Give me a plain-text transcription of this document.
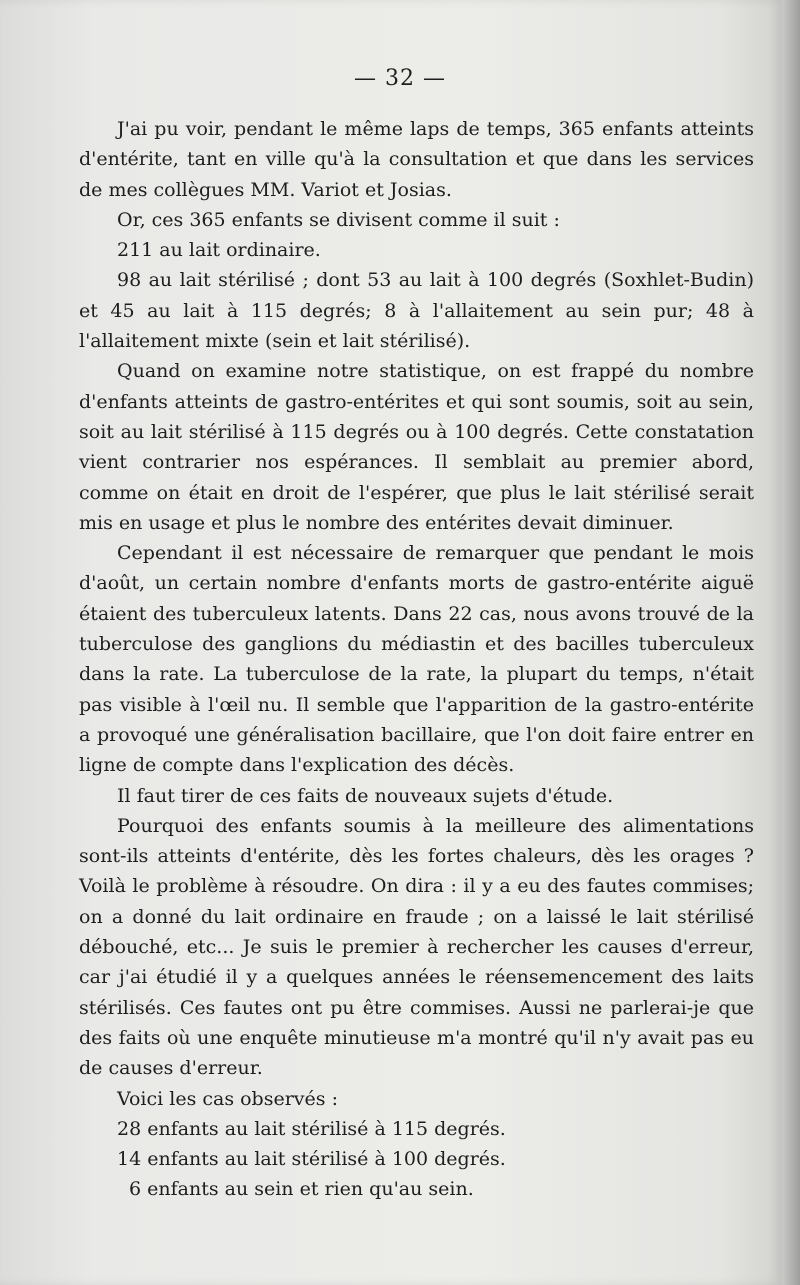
— 32 —

J'ai pu voir, pendant le même laps de temps, 365 enfants atteints d'entérite, tant en ville qu'à la consultation et que dans les services de mes collègues MM. Variot et Josias.

Or, ces 365 enfants se divisent comme il suit :

211 au lait ordinaire.

98 au lait stérilisé ; dont 53 au lait à 100 degrés (Soxhlet-Budin) et 45 au lait à 115 degrés; 8 à l'allaitement au sein pur; 48 à l'allaitement mixte (sein et lait stérilisé).

Quand on examine notre statistique, on est frappé du nombre d'enfants atteints de gastro-entérites et qui sont soumis, soit au sein, soit au lait stérilisé à 115 degrés ou à 100 degrés. Cette constatation vient contrarier nos espérances. Il semblait au premier abord, comme on était en droit de l'espérer, que plus le lait stérilisé serait mis en usage et plus le nombre des entérites devait diminuer.

Cependant il est nécessaire de remarquer que pendant le mois d'août, un certain nombre d'enfants morts de gastro-entérite aiguë étaient des tuberculeux latents. Dans 22 cas, nous avons trouvé de la tuberculose des ganglions du médiastin et des bacilles tuberculeux dans la rate. La tuberculose de la rate, la plupart du temps, n'était pas visible à l'œil nu. Il semble que l'apparition de la gastro-entérite a provoqué une généralisation bacillaire, que l'on doit faire entrer en ligne de compte dans l'explication des décès.

Il faut tirer de ces faits de nouveaux sujets d'étude.

Pourquoi des enfants soumis à la meilleure des alimentations sont-ils atteints d'entérite, dès les fortes chaleurs, dès les orages ? Voilà le problème à résoudre. On dira : il y a eu des fautes commises; on a donné du lait ordinaire en fraude ; on a laissé le lait stérilisé débouché, etc... Je suis le premier à rechercher les causes d'erreur, car j'ai étudié il y a quelques années le réensemencement des laits stérilisés. Ces fautes ont pu être commises. Aussi ne parlerai-je que des faits où une enquête minutieuse m'a montré qu'il n'y avait pas eu de causes d'erreur.

Voici les cas observés :

28 enfants au lait stérilisé à 115 degrés.

14 enfants au lait stérilisé à 100 degrés.

6 enfants au sein et rien qu'au sein.
